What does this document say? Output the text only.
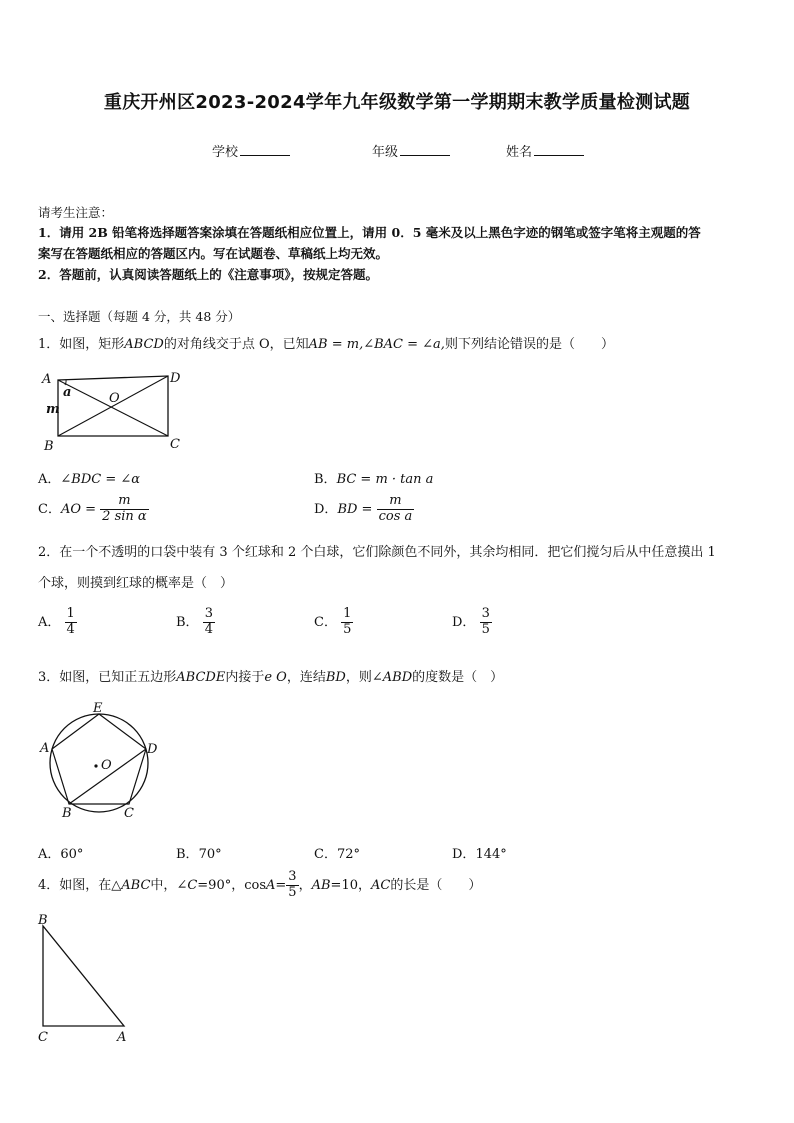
重庆开州区2023-2024学年九年级数学第一学期期末教学质量检测试题
学校	年级	姓名
请考生注意：
1．请用 2B 铅笔将选择题答案涂填在答题纸相应位置上，请用 0．5 毫米及以上黑色字迹的钢笔或签字笔将主观题的答
案写在答题纸相应的答题区内。写在试题卷、草稿纸上均无效。
2．答题前，认真阅读答题纸上的《注意事项》，按规定答题。
一、选择题（每题 4 分，共 48 分）
1．如图，矩形ABCD的对角线交于点 O，已知AB = m,∠BAC = ∠a,则下列结论错误的是（　　）
A	D
B	C
O
m
a
A．∠BDC = ∠α	B．BC = m · tan a
C．AO = $\frac{m}{\text{2 sin α}}$	D．BD = $\frac{m}{\text{cos a}}$
2．在一个不透明的口袋中装有 3 个红球和 2 个白球，它们除颜色不同外，其余均相同．把它们搅匀后从中任意摸出 1
个球，则摸到红球的概率是（　）
A． $\frac{1}{4}$	B． $\frac{3}{4}$	C． $\frac{1}{5}$	D． $\frac{3}{5}$
3．如图，已知正五边形ABCDE内接于e O，连结BD，则∠ABD的度数是（　）
E
A	D
B	C
O
A．60°	B．70°	C．72°	D．144°
4．如图，在△ABC中，∠C=90°，$\cos A= \frac{3}{5}$ ，AB=10，AC的长是（　　）
B
C	A
